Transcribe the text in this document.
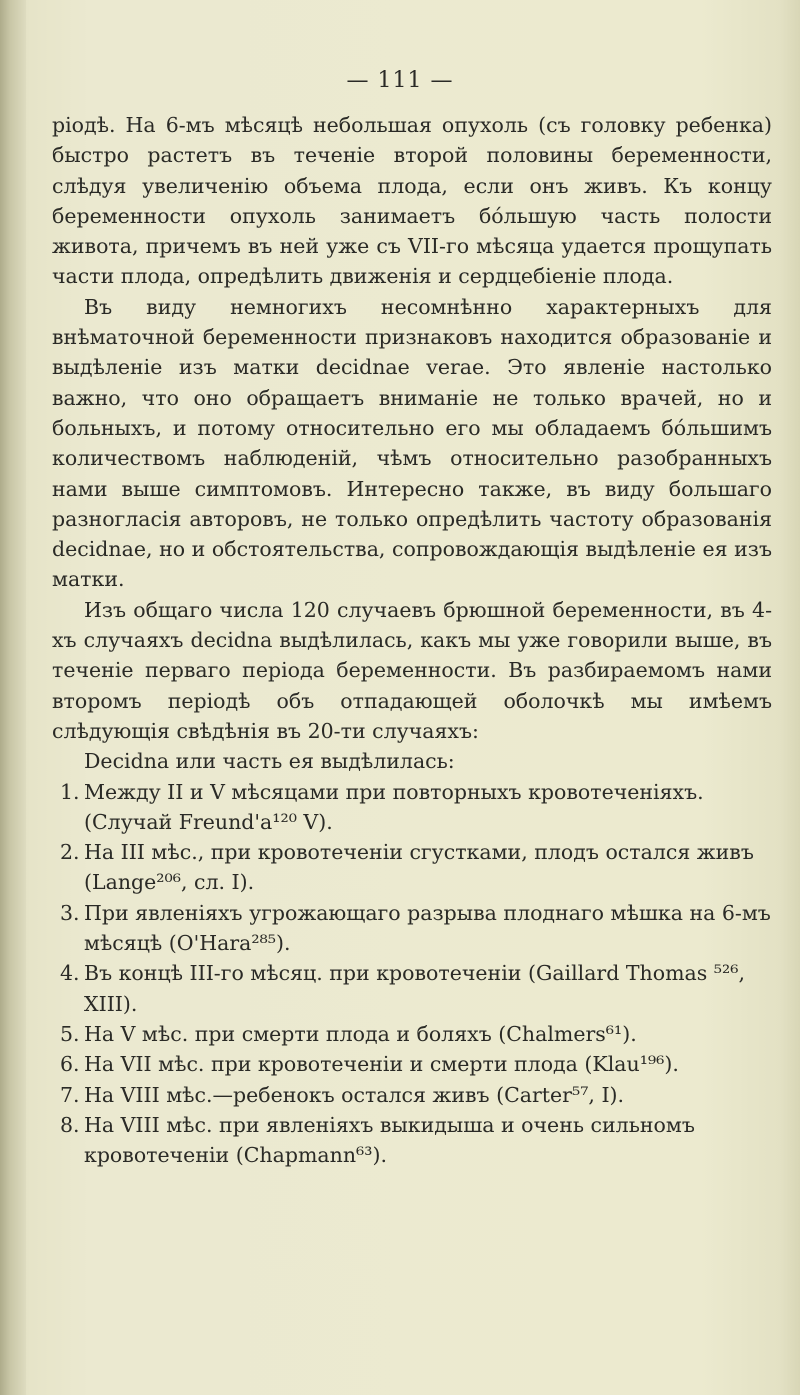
— 111 —

ріодѣ. На 6-мъ мѣсяцѣ небольшая опухоль (съ головку ребенка) быстро растетъ въ теченіе второй половины беременности, слѣдуя увеличенію объема плода, если онъ живъ. Къ концу беременности опухоль занимаетъ бо́льшую часть полости живота, причемъ въ ней уже съ VII-го мѣсяца удается прощупать части плода, опредѣлить движенія и сердцебіеніе плода.

Въ виду немногихъ несомнѣнно характерныхъ для внѣматочной беременности признаковъ находится образованіе и выдѣленіе изъ матки decidnae verae. Это явленіе настолько важно, что оно обращаетъ вниманіе не только врачей, но и больныхъ, и потому относительно его мы обладаемъ бо́льшимъ количествомъ наблюденій, чѣмъ относительно разобранныхъ нами выше симптомовъ. Интересно также, въ виду большаго разногласія авторовъ, не только опредѣлить частоту образованія decidnae, но и обстоятельства, сопровождающія выдѣленіе ея изъ матки.

Изъ общаго числа 120 случаевъ брюшной беременности, въ 4-хъ случаяхъ decidna выдѣлилась, какъ мы уже говорили выше, въ теченіе перваго періода беременности. Въ разбираемомъ нами второмъ періодѣ объ отпадающей оболочкѣ мы имѣемъ слѣдующія свѣдѣнія въ 20-ти случаяхъ:

Decidna или часть ея выдѣлилась:

1. Между II и V мѣсяцами при повторныхъ кровотеченіяхъ. (Случай Freund'a¹²⁰ V).
2. На III мѣс., при кровотеченіи сгустками, плодъ остался живъ (Lange²⁰⁶, сл. I).
3. При явленіяхъ угрожающаго разрыва плоднаго мѣшка на 6-мъ мѣсяцѣ (O'Hara²⁸⁵).
4. Въ концѣ III-го мѣсяц. при кровотеченіи (Gaillard Thomas ⁵²⁶, XIII).
5. На V мѣс. при смерти плода и боляхъ (Chalmers⁶¹).
6. На VII мѣс. при кровотеченіи и смерти плода (Klau¹⁹⁶).
7. На VIII мѣс.—ребенокъ остался живъ (Carter⁵⁷, I).
8. На VIII мѣс. при явленіяхъ выкидыша и очень сильномъ кровотеченіи (Chapmann⁶³).
